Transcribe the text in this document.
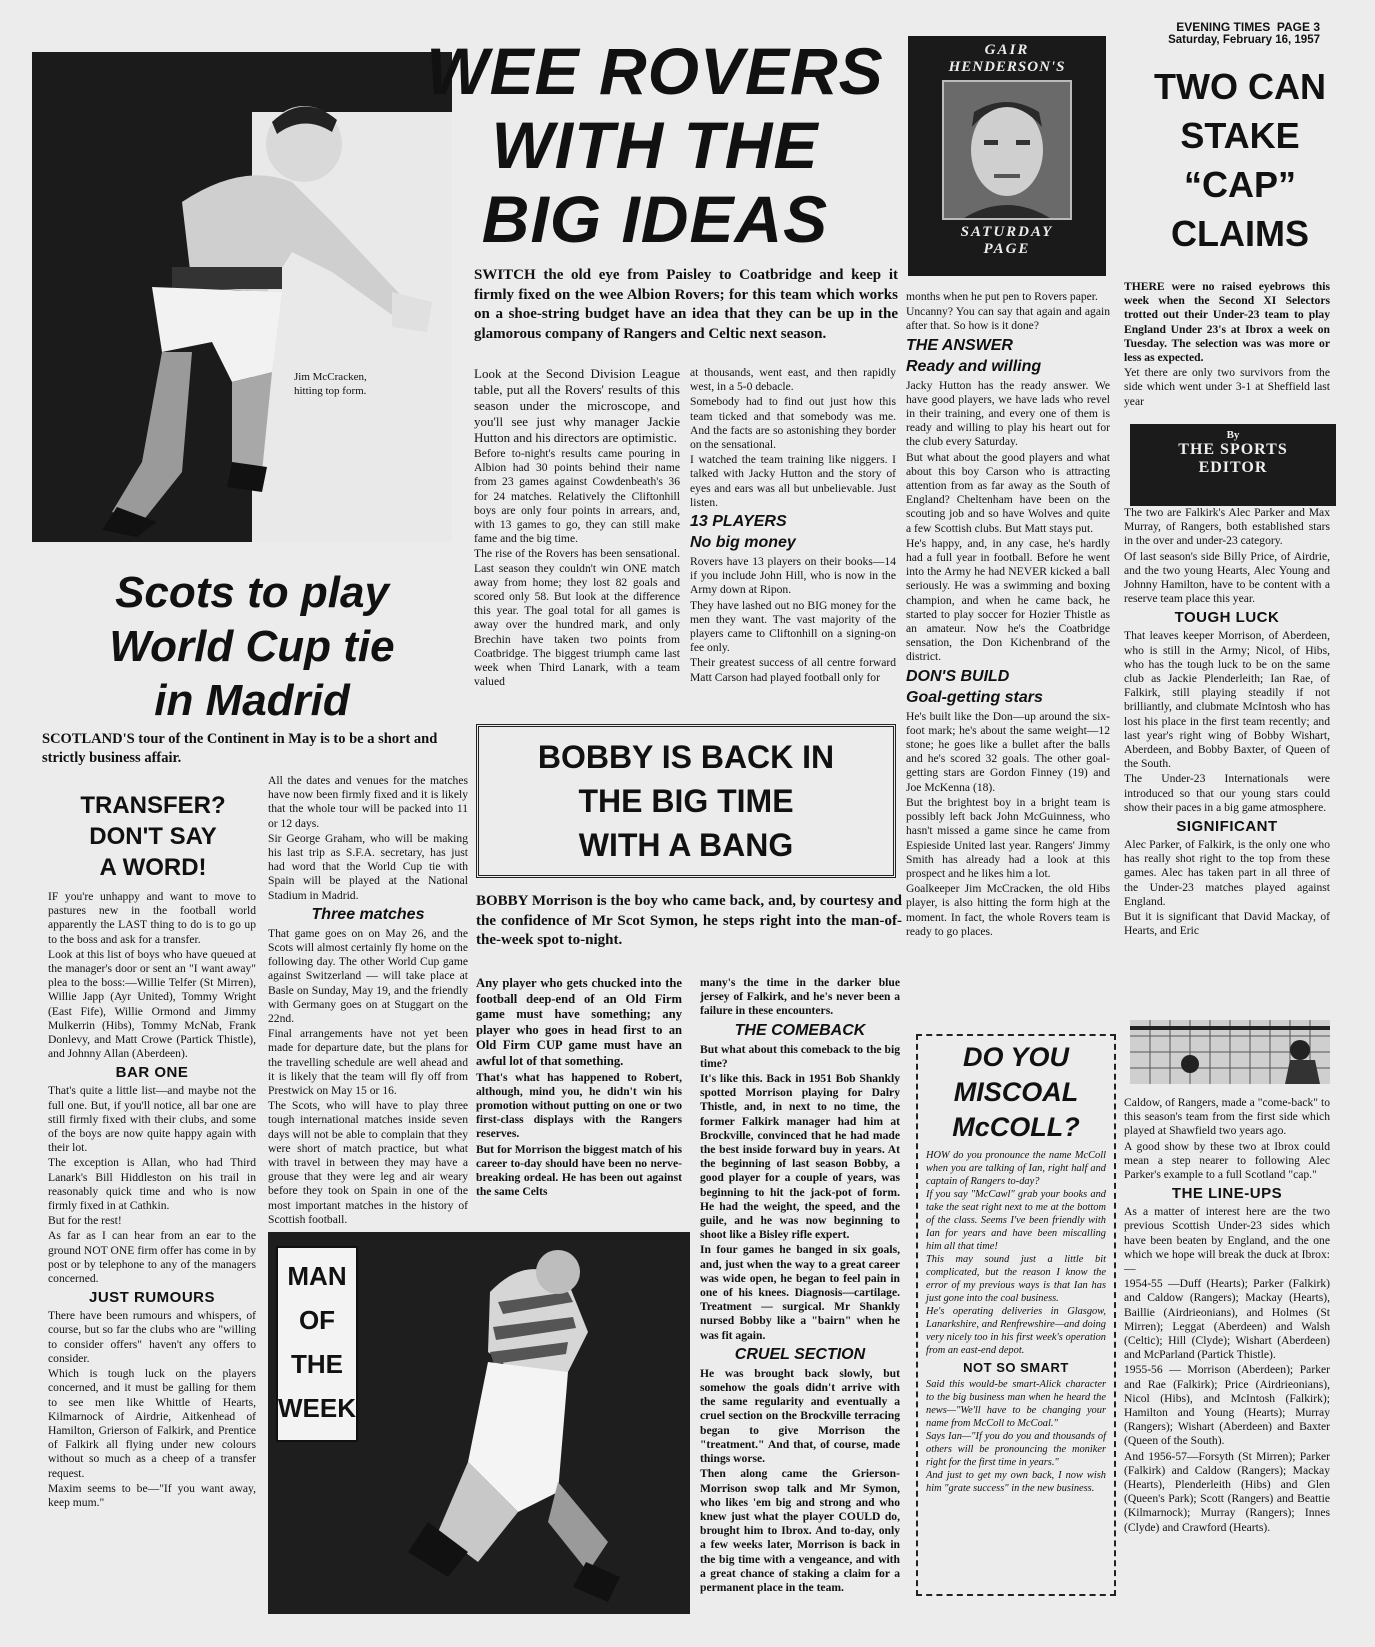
EVENING TIMES PAGE 3
Saturday, February 16, 1957
Jim McCracken,
hitting top form.
WEE ROVERS
WITH THE
BIG IDEAS
GAIR
HENDERSON'S
SATURDAY
PAGE
TWO CAN
STAKE
“CAP”
CLAIMS
SWITCH the old eye from Paisley to Coatbridge and keep it firmly fixed on the wee Albion Rovers; for this team which works on a shoe-string budget have an idea that they can be up in the glamorous company of Rangers and Celtic next season.

Look at the Second Division League table, put all the Rovers' results of this season under the microscope, and you'll see just why manager Jackie Hutton and his directors are optimistic.

Before to-night's results came pouring in Albion had 30 points behind their name from 23 games against Cowdenbeath's 36 for 24 matches. Relatively the Cliftonhill boys are only four points in arrears, and, with 13 games to go, they can still make fame and the big time.

The rise of the Rovers has been sensational. Last season they couldn't win ONE match away from home; they lost 82 goals and scored only 58. But look at the difference this year. The goal total for all games is away over the hundred mark, and only Brechin have taken two points from Coatbridge. The biggest triumph came last week when Third Lanark, with a team valued

at thousands, went east, and then rapidly west, in a 5-0 debacle.

Somebody had to find out just how this team ticked and that somebody was me. And the facts are so astonishing they border on the sensational.

I watched the team training like niggers. I talked with Jacky Hutton and the story of eyes and ears was all but unbelievable. Just listen.

13 PLAYERS
No big money

Rovers have 13 players on their books—14 if you include John Hill, who is now in the Army down at Ripon.

They have lashed out no BIG money for the men they want. The vast majority of the players came to Cliftonhill on a signing-on fee only.

Their greatest success of all centre forward Matt Carson had played football only for

months when he put pen to Rovers paper.

Uncanny? You can say that again and again after that. So how is it done?

THE ANSWER
Ready and willing

Jacky Hutton has the ready answer. We have good players, we have lads who revel in their training, and every one of them is ready and willing to play his heart out for the club every Saturday.

But what about the good players and what about this boy Carson who is attracting attention from as far away as the South of England? Cheltenham have been on the scouting job and so have Wolves and quite a few Scottish clubs. But Matt stays put.

He's happy, and, in any case, he's hardly had a full year in football. Before he went into the Army he had NEVER kicked a ball seriously. He was a swimming and boxing champion, and when he came back, he started to play soccer for Hozier Thistle as an amateur. Now he's the Coatbridge sensation, the Don Kichenbrand of the district.

DON'S BUILD
Goal-getting stars

He's built like the Don—up around the six-foot mark; he's about the same weight—12 stone; he goes like a bullet after the balls and he's scored 32 goals. The other goal-getting stars are Gordon Finney (19) and Joe McKenna (18).

But the brightest boy in a bright team is possibly left back John McGuinness, who hasn't missed a game since he came from Espieside United last year. Rangers' Jimmy Smith has already had a look at this prospect and he likes him a lot.

Goalkeeper Jim McCracken, the old Hibs player, is also hitting the form high at the moment. In fact, the whole Rovers team is ready to go places.

Scots to play
World Cup tie
in Madrid
SCOTLAND'S tour of the Continent in May is to be a short and strictly business affair.

All the dates and venues for the matches have now been firmly fixed and it is likely that the whole tour will be packed into 11 or 12 days.

Sir George Graham, who will be making his last trip as S.F.A. secretary, has just had word that the World Cup tie with Spain will be played at the National Stadium in Madrid.

Three matches

That game goes on on May 26, and the Scots will almost certainly fly home on the following day. The other World Cup game against Switzerland — will take place at Basle on Sunday, May 19, and the friendly with Germany goes on at Stuggart on the 22nd.

Final arrangements have not yet been made for departure date, but the plans for the travelling schedule are well ahead and it is likely that the team will fly off from Prestwick on May 15 or 16.

The Scots, who will have to play three tough international matches inside seven days will not be able to complain that they were short of match practice, but what with travel in between they may have a grouse that they were leg and air weary before they took on Spain in one of the most important matches in the history of Scottish football.

TRANSFER?
DON'T SAY
A WORD!

IF you're unhappy and want to move to pastures new in the football world apparently the LAST thing to do is to go up to the boss and ask for a transfer.

Look at this list of boys who have queued at the manager's door or sent an "I want away" plea to the boss:—Willie Telfer (St Mirren), Willie Japp (Ayr United), Tommy Wright (East Fife), Willie Ormond and Jimmy Mulkerrin (Hibs), Tommy McNab, Frank Donlevy, and Matt Crowe (Partick Thistle), and Johnny Allan (Aberdeen).

BAR ONE

That's quite a little list—and maybe not the full one. But, if you'll notice, all bar one are still firmly fixed with their clubs, and some of the boys are now quite happy again with their lot.

The exception is Allan, who had Third Lanark's Bill Hiddleston on his trail in reasonably quick time and who is now firmly fixed in at Cathkin.

But for the rest!

As far as I can hear from an ear to the ground NOT ONE firm offer has come in by post or by telephone to any of the managers concerned.

JUST RUMOURS

There have been rumours and whispers, of course, but so far the clubs who are "willing to consider offers" haven't any offers to consider.

Which is tough luck on the players concerned, and it must be galling for them to see men like Whittle of Hearts, Kilmarnock of Airdrie, Aitkenhead of Hamilton, Grierson of Falkirk, and Prentice of Falkirk all flying under new colours without so much as a cheep of a transfer request.

Maxim seems to be—"If you want away, keep mum."

BOBBY IS BACK IN
THE BIG TIME
WITH A BANG
BOBBY Morrison is the boy who came back, and, by courtesy and the confidence of Mr Scot Symon, he steps right into the man-of-the-week spot to-night.

Any player who gets chucked into the football deep-end of an Old Firm game must have something; any player who goes in head first to an Old Firm CUP game must have an awful lot of that something.

That's what has happened to Robert, although, mind you, he didn't win his promotion without putting on one or two first-class displays with the Rangers reserves.

But for Morrison the biggest match of his career to-day should have been no nerve-breaking ordeal. He has been out against the same Celts

many's the time in the darker blue jersey of Falkirk, and he's never been a failure in these encounters.

THE COMEBACK

But what about this comeback to the big time?

It's like this. Back in 1951 Bob Shankly spotted Morrison playing for Dalry Thistle, and, in next to no time, the former Falkirk manager had him at Brockville, convinced that he had made the best inside forward buy in years. At the beginning of last season Bobby, a good player for a couple of years, was beginning to hit the jack-pot of form. He had the weight, the speed, and the guile, and he was now beginning to shoot like a Bisley rifle expert.

In four games he banged in six goals, and, just when the way to a great career was wide open, he began to feel pain in one of his knees. Diagnosis—cartilage. Treatment — surgical. Mr Shankly nursed Bobby like a "bairn" when he was fit again.

CRUEL SECTION

He was brought back slowly, but somehow the goals didn't arrive with the same regularity and eventually a cruel section on the Brockville terracing began to give Morrison the "treatment." And that, of course, made things worse.

Then along came the Grierson-Morrison swop talk and Mr Symon, who likes 'em big and strong and who knew just what the player COULD do, brought him to Ibrox. And to-day, only a few weeks later, Morrison is back in the big time with a vengeance, and with a great chance of staking a claim for a permanent place in the team.

MAN
OF
THE
WEEK
DO YOU
MISCOAL
McCOLL?

HOW do you pronounce the name McColl when you are talking of Ian, right half and captain of Rangers to-day?

If you say "McCawl" grab your books and take the seat right next to me at the bottom of the class. Seems I've been friendly with Ian for years and have been miscalling him all that time!

This may sound just a little bit complicated, but the reason I know the error of my previous ways is that Ian has just gone into the coal business.

He's operating deliveries in Glasgow, Lanarkshire, and Renfrewshire—and doing very nicely too in his first week's operation from an east-end depot.

NOT SO SMART

Said this would-be smart-Alick character to the big business man when he heard the news—"We'll have to be changing your name from McColl to McCoal."

Says Ian—"If you do you and thousands of others will be pronouncing the moniker right for the first time in years."

And just to get my own back, I now wish him "grate success" in the new business.

THERE were no raised eyebrows this week when the Second XI Selectors trotted out their Under-23 team to play England Under 23's at Ibrox a week on Tuesday. The selection was was more or less as expected.

Yet there are only two survivors from the side which went under 3-1 at Sheffield last year

By
THE SPORTS
EDITOR

The two are Falkirk's Alec Parker and Max Murray, of Rangers, both established stars in the over and under-23 category.

Of last season's side Billy Price, of Airdrie, and the two young Hearts, Alec Young and Johnny Hamilton, have to be content with a reserve team place this year.

TOUGH LUCK

That leaves keeper Morrison, of Aberdeen, who is still in the Army; Nicol, of Hibs, who has the tough luck to be on the same club as Jackie Plenderleith; Ian Rae, of Falkirk, still playing steadily if not brilliantly, and clubmate McIntosh who has lost his place in the first team recently; and last year's right wing of Bobby Wishart, Aberdeen, and Bobby Baxter, of Queen of the South.

The Under-23 Internationals were introduced so that our young stars could show their paces in a big game atmosphere.

SIGNIFICANT

Alec Parker, of Falkirk, is the only one who has really shot right to the top from these games. Alec has taken part in all three of the Under-23 matches played against England.

But it is significant that David Mackay, of Hearts, and Eric

Caldow, of Rangers, made a "come-back" to this season's team from the first side which played at Shawfield two years ago.

A good show by these two at Ibrox could mean a step nearer to following Alec Parker's example to a full Scotland "cap."

THE LINE-UPS

As a matter of interest here are the two previous Scottish Under-23 sides which have been beaten by England, and the one which we hope will break the duck at Ibrox:—

1954-55 —Duff (Hearts); Parker (Falkirk) and Caldow (Rangers); Mackay (Hearts), Baillie (Airdrieonians), and Holmes (St Mirren); Leggat (Aberdeen) and Walsh (Celtic); Hill (Clyde); Wishart (Aberdeen) and McParland (Partick Thistle).

1955-56 — Morrison (Aberdeen); Parker and Rae (Falkirk); Price (Airdrieonians), Nicol (Hibs), and McIntosh (Falkirk); Hamilton and Young (Hearts); Murray (Rangers); Wishart (Aberdeen) and Baxter (Queen of the South).

And 1956-57—Forsyth (St Mirren); Parker (Falkirk) and Caldow (Rangers); Mackay (Hearts), Plenderleith (Hibs) and Glen (Queen's Park); Scott (Rangers) and Beattie (Kilmarnock); Murray (Rangers); Innes (Clyde) and Crawford (Hearts).
